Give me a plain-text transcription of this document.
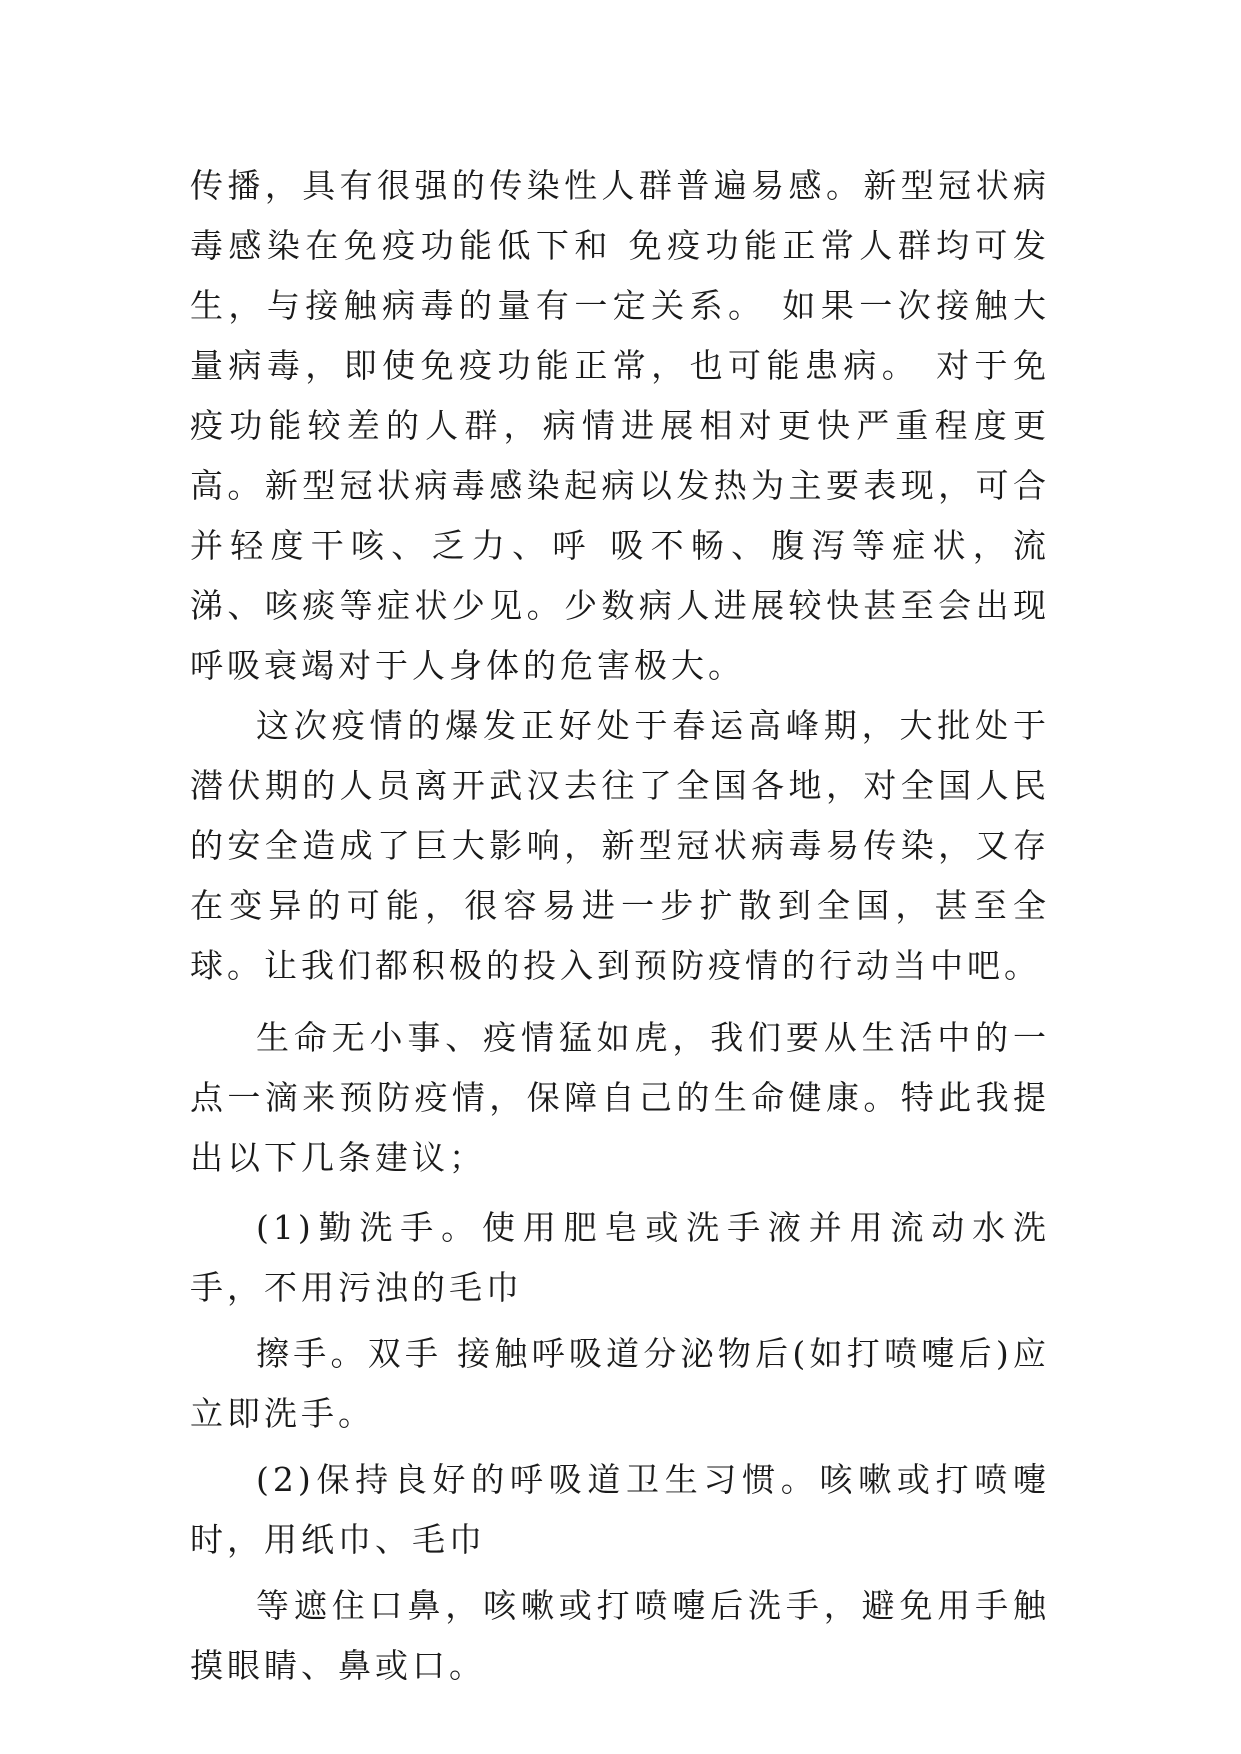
传播，具有很强的传染性人群普遍易感。新型冠状病毒感染在免疫功能低下和 免疫功能正常人群均可发生，与接触病毒的量有一定关系。 如果一次接触大量病毒，即使免疫功能正常，也可能患病。 对于免疫功能较差的人群，病情进展相对更快严重程度更高。新型冠状病毒感染起病以发热为主要表现，可合并轻度干咳、乏力、呼 吸不畅、腹泻等症状，流涕、咳痰等症状少见。少数病人进展较快甚至会出现呼吸衰竭对于人身体的危害极大。

这次疫情的爆发正好处于春运高峰期，大批处于潜伏期的人员离开武汉去往了全国各地，对全国人民的安全造成了巨大影响，新型冠状病毒易传染，又存在变异的可能，很容易进一步扩散到全国，甚至全球。让我们都积极的投入到预防疫情的行动当中吧。

生命无小事、疫情猛如虎，我们要从生活中的一点一滴来预防疫情，保障自己的生命健康。特此我提出以下几条建议；

(1)勤洗手。使用肥皂或洗手液并用流动水洗手，不用污浊的毛巾

擦手。双手 接触呼吸道分泌物后(如打喷嚏后)应立即洗手。

(2)保持良好的呼吸道卫生习惯。咳嗽或打喷嚏时，用纸巾、毛巾

等遮住口鼻，咳嗽或打喷嚏后洗手，避免用手触摸眼睛、鼻或口。
